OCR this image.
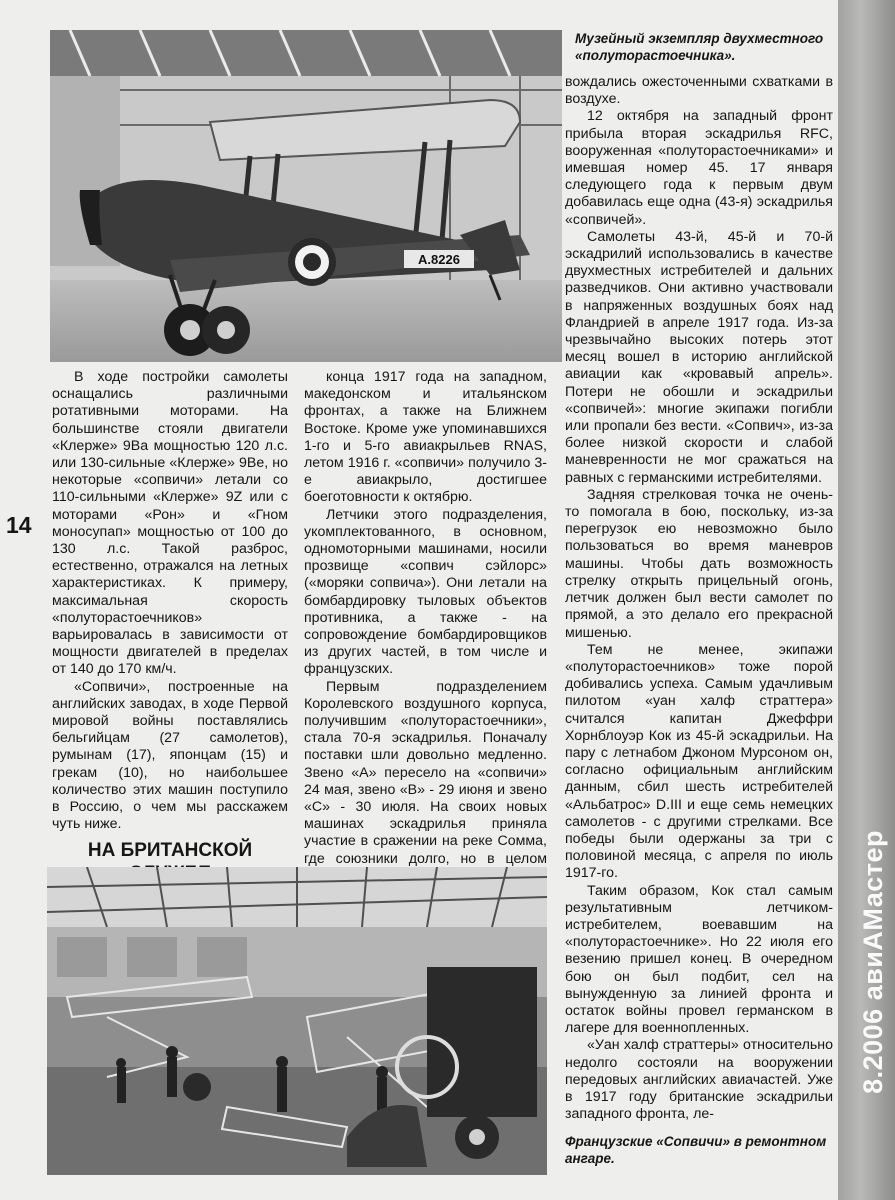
A.8226
Музейный экземпляр двухместного «полуторастоечника».

В ходе постройки самолеты оснащались различными ротативными моторами. На большинстве стояли двигатели «Клерже» 9Ва мощностью 120 л.с. или 130-сильные «Клерже» 9Ве, но некоторые «сопвичи» летали со 110-сильными «Клерже» 9Z или с моторами «Рон» и «Гном моносупап» мощностью от 100 до 130 л.с. Такой разброс, естественно, отражался на летных характеристиках. К примеру, максимальная скорость «полуторастоечников» варьировалась в зависимости от мощности двигателей в пределах от 140 до 170 км/ч.

«Сопвичи», построенные на английских заводах, в ходе Первой мировой войны поставлялись бельгийцам (27 самолетов), румынам (17), японцам (15) и грекам (10), но наибольшее количество этих машин поступило в Россию, о чем мы расскажем чуть ниже.

НА БРИТАНСКОЙ

конца 1917 года на западном, македонском и итальянском фронтах, а также на Ближнем Востоке. Кроме уже упоминавшихся 1-го и 5-го авиакрыльев RNAS, летом 1916 г. «сопвичи» получило 3-е авиакрыло, достигшее боеготовности к октябрю.

Летчики этого подразделения, укомплектованного, в основном, одномоторными машинами, носили прозвище «сопвич сэйлорс» («моряки сопвича»). Они летали на бомбардировку тыловых объектов противника, а также - на сопровождение бомбардировщиков из других частей, в том числе и французских.

Первым подразделением Королевского воздушного корпуса, получившим «полуторастоечники», стала 70-я эскадрилья. Поначалу поставки шли довольно медленно. Звено «А» пересело на «сопвичи» 24 мая, звено «В» - 29 июня и звено «С» - 30 июля. На своих новых машинах эскадрилья приняла участие в сражении на реке Сомма, где союзники долго, но в целом

вождались ожесточенными схватками в воздухе.

12 октября на западный фронт прибыла вторая эскадрилья RFC, вооруженная «полуторастоечниками» и имевшая номер 45. 17 января следующего года к первым двум добавилась еще одна (43-я) эскадрилья «сопвичей».

Самолеты 43-й, 45-й и 70-й эскадрилий использовались в качестве двухместных истребителей и дальних разведчиков. Они активно участвовали в напряженных воздушных боях над Фландрией в апреле 1917 года. Из-за чрезвычайно высоких потерь этот месяц вошел в историю английской авиации как «кровавый апрель». Потери не обошли и эскадрильи «сопвичей»: многие экипажи погибли или пропали без вести. «Сопвич», из-за более низкой скорости и слабой маневренности не мог сражаться на равных с германскими истребителями.

Задняя стрелковая точка не очень-то помогала в бою, поскольку, из-за перегрузок ею невозможно было пользоваться во время маневров машины. Чтобы дать возможность стрелку открыть прицельный огонь, летчик должен был вести самолет по прямой, а это делало его прекрасной мишенью.

Тем не менее, экипажи «полуторастоечников» тоже порой добивались успеха. Самым удачливым пилотом «уан халф страттера» считался капитан Джеффри Хорнблоуэр Кок из 45-й эскадрильи. На пару с летнабом Джоном Мурсоном он, согласно официальным английским данным, сбил шесть истребителей «Альбатрос» D.III и еще семь немецких самолетов - с другими стрелками. Все победы были одержаны за три с половиной месяца, с апреля по июль 1917-го.

Таким образом, Кок стал самым результативным летчиком-истребителем, воевавшим на «полуторастоечнике». Но 22 июля его везению пришел конец. В очередном бою он был подбит, сел на вынужденную за линией фронта и остаток войны провел германском в лагере для военнопленных.

«Уан халф страттеры» относительно недолго состояли на вооружении передовых английских авиачастей. Уже в 1917 году британские эскадрильи западного фронта, ле-

Французские «Сопвичи» в ремонтном ангаре.
14
8.2006 авиАМастер
